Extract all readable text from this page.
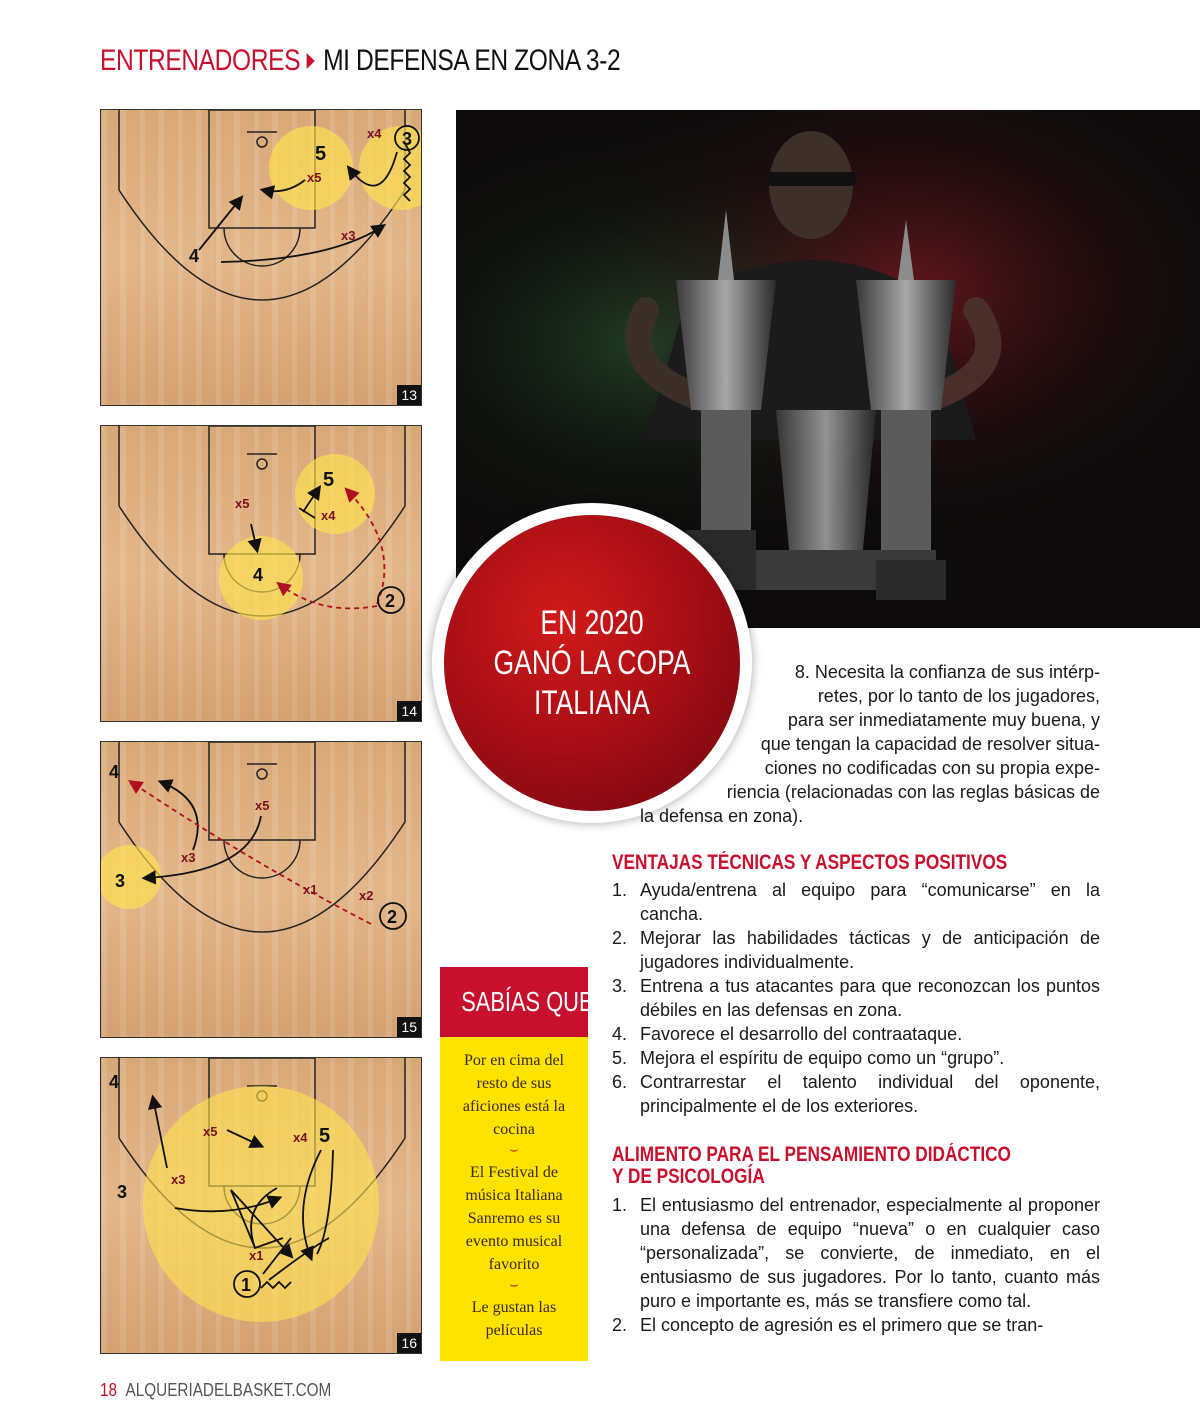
ENTRENADORES MI DEFENSA EN ZONA 3-2
5
x5
x4 3
x3
4
13
5
x5
x4
4
2
14
4
x5
x3
3	x1	x2
2
15
4
x5	x4 5
3
x3
x1
1
16
EN 2020
GANÓ LA COPA
ITALIANA
8. Necesita la confianza de sus intérp-
retes, por lo tanto de los jugadores,
para ser inmediatamente muy buena, y
que tengan la capacidad de resolver situa-
ciones no codificadas con su propia expe-
riencia (relacionadas con las reglas básicas de
la defensa en zona).
VENTAJAS TÉCNICAS Y ASPECTOS POSITIVOS
1. Ayuda/entrena al equipo para “comunicarse” en la cancha.
2. Mejorar las habilidades tácticas y de anticipación de jugadores individualmente.
3. Entrena a tus atacantes para que reconozcan los puntos débiles en las defensas en zona.
4. Favorece el desarrollo del contraataque.
5. Mejora el espíritu de equipo como un “grupo”.
6. Contrarrestar el talento individual del oponente, principalmente el de los exteriores.
ALIMENTO PARA EL PENSAMIENTO DIDÁCTICO
Y DE PSICOLOGÍA
1. El entusiasmo del entrenador, especialmente al proponer una defensa de equipo “nueva” o en cualquier caso “personalizada”, se convierte, de inmediato, en el entusiasmo de sus jugadores. Por lo tanto, cuanto más puro e importante es, más se transfiere como tal.
2. El concepto de agresión es el primero que se tran-
SABÍAS QUE...
Por en cima del resto de sus aficiones está la cocina
⌣
El Festival de música Italiana Sanremo es su evento musical favorito
⌣
Le gustan las películas
18 ALQUERIADELBASKET.COM
